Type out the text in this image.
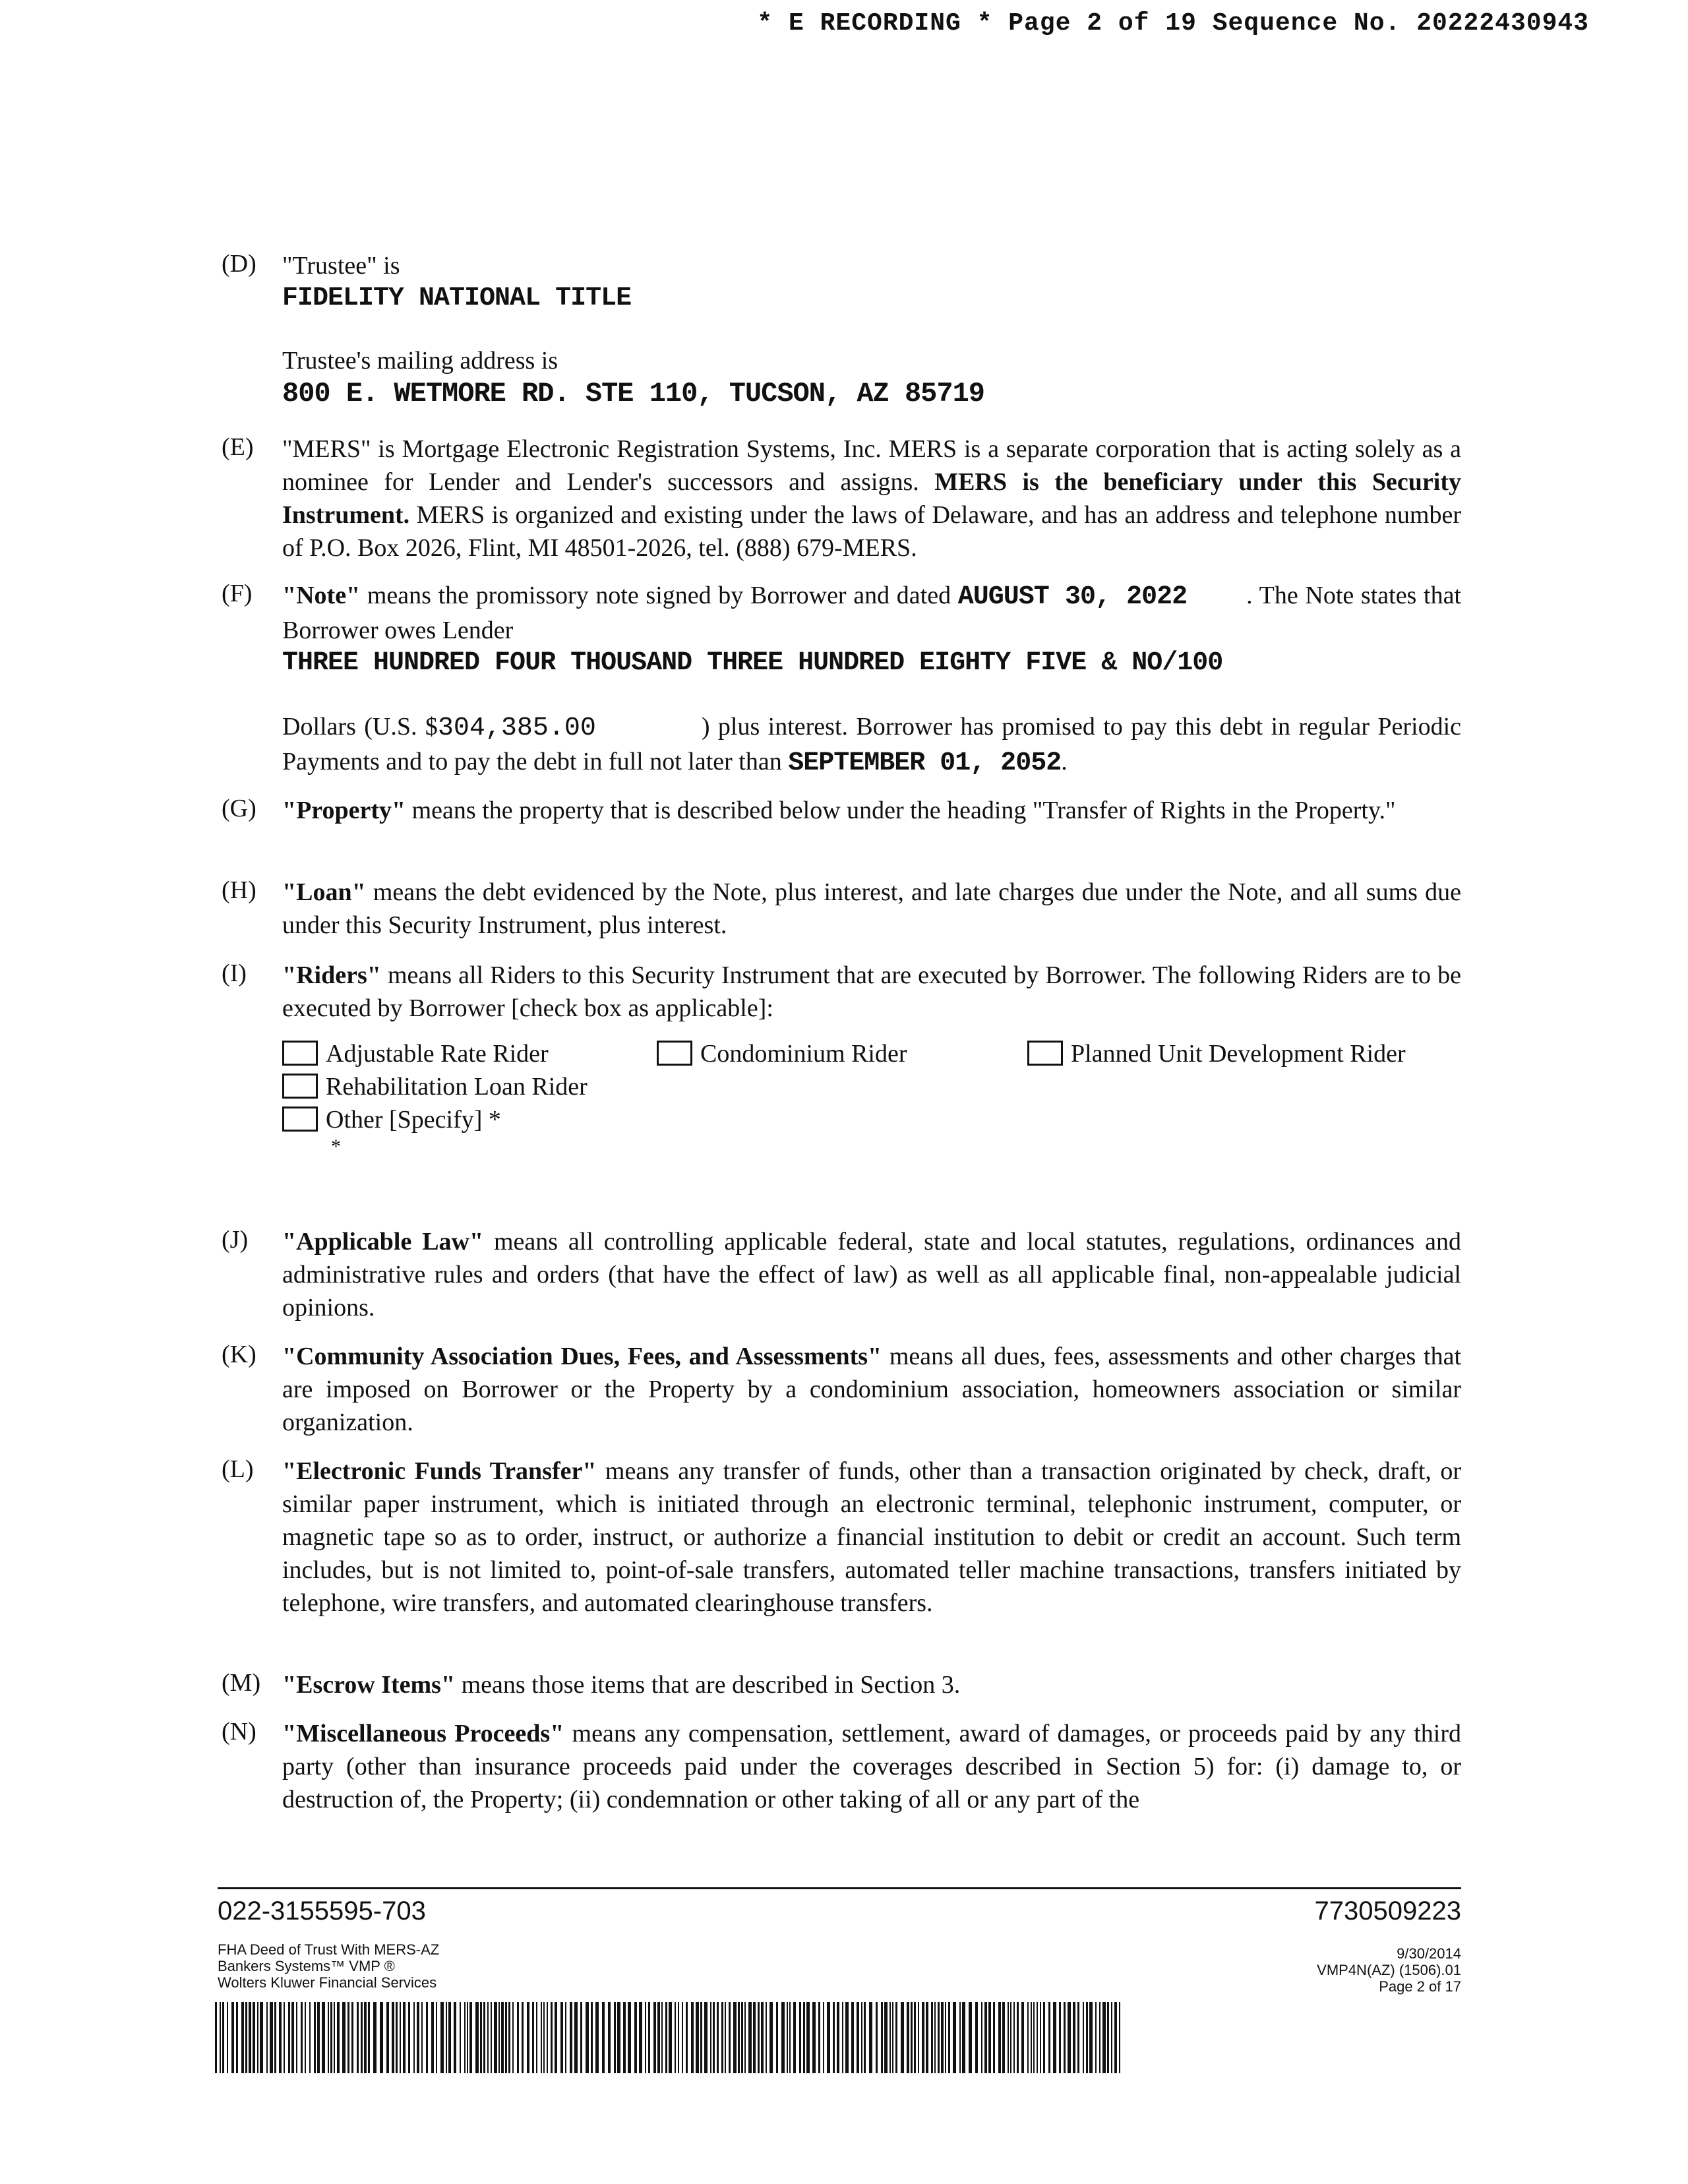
* E RECORDING * Page 2 of 19 Sequence No. 20222430943
(D) "Trustee" is
FIDELITY NATIONAL TITLE
Trustee's mailing address is
800 E. WETMORE RD. STE 110, TUCSON, AZ 85719
(E) "MERS" is Mortgage Electronic Registration Systems, Inc. MERS is a separate corporation that is acting solely as a nominee for Lender and Lender's successors and assigns. MERS is the beneficiary under this Security Instrument. MERS is organized and existing under the laws of Delaware, and has an address and telephone number of P.O. Box 2026, Flint, MI 48501-2026, tel. (888) 679-MERS.
(F) "Note" means the promissory note signed by Borrower and dated AUGUST 30, 2022 . The Note states that Borrower owes Lender
THREE HUNDRED FOUR THOUSAND THREE HUNDRED EIGHTY FIVE & NO/100
Dollars (U.S. $304,385.00	) plus interest. Borrower has promised to pay this debt in regular Periodic Payments and to pay the debt in full not later than SEPTEMBER 01, 2052.
(G) "Property" means the property that is described below under the heading "Transfer of Rights in the Property."
(H) "Loan" means the debt evidenced by the Note, plus interest, and late charges due under the Note, and all sums due under this Security Instrument, plus interest.
(I) "Riders" means all Riders to this Security Instrument that are executed by Borrower. The following Riders are to be executed by Borrower [check box as applicable]:
Adjustable Rate Rider	Condominium Rider	Planned Unit Development Rider
Rehabilitation Loan Rider
Other [Specify] *
*
(J) "Applicable Law" means all controlling applicable federal, state and local statutes, regulations, ordinances and administrative rules and orders (that have the effect of law) as well as all applicable final, non-appealable judicial opinions.
(K) "Community Association Dues, Fees, and Assessments" means all dues, fees, assessments and other charges that are imposed on Borrower or the Property by a condominium association, homeowners association or similar organization.
(L) "Electronic Funds Transfer" means any transfer of funds, other than a transaction originated by check, draft, or similar paper instrument, which is initiated through an electronic terminal, telephonic instrument, computer, or magnetic tape so as to order, instruct, or authorize a financial institution to debit or credit an account. Such term includes, but is not limited to, point-of-sale transfers, automated teller machine transactions, transfers initiated by telephone, wire transfers, and automated clearinghouse transfers.
(M) "Escrow Items" means those items that are described in Section 3.
(N) "Miscellaneous Proceeds" means any compensation, settlement, award of damages, or proceeds paid by any third party (other than insurance proceeds paid under the coverages described in Section 5) for: (i) damage to, or destruction of, the Property; (ii) condemnation or other taking of all or any part of the
022-3155595-703	7730509223
FHA Deed of Trust With MERS-AZ
Bankers Systems™ VMP ®
Wolters Kluwer Financial Services
9/30/2014
VMP4N(AZ) (1506).01
Page 2 of 17
